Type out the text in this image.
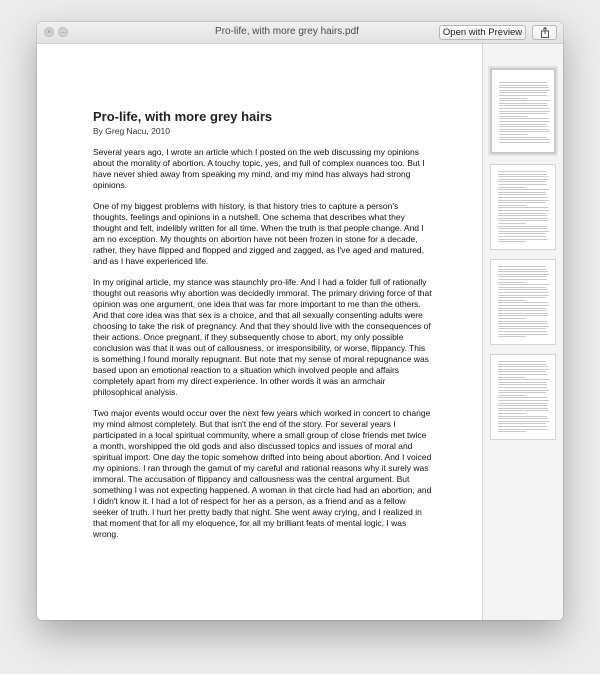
×	–	Pro-life, with more grey hairs.pdf	Open with Preview
Pro-life, with more grey hairs
By Greg Nacu, 2010

Several years ago, I wrote an article which I posted on the web discussing my opinions about the morality of abortion. A touchy topic, yes, and full of complex nuances too. But I have never shied away from speaking my mind, and my mind has always had strong opinions.

One of my biggest problems with history, is that history tries to capture a person's thoughts, feelings and opinions in a nutshell. One schema that describes what they thought and felt, indelibly written for all time. When the truth is that people change. And I am no exception. My thoughts on abortion have not been frozen in stone for a decade, rather, they have flipped and flopped and zigged and zagged, as I've aged and matured, and as I have experienced life.

In my original article, my stance was staunchly pro-life. And I had a folder full of rationally thought out reasons why abortion was decidedly immoral. The primary driving force of that opinion was one argument, one idea that was far more important to me than the others. And that core idea was that sex is a choice, and that all sexually consenting adults were choosing to take the risk of pregnancy. And that they should live with the consequences of their actions. Once pregnant, if they subsequently chose to abort, my only possible conclusion was that it was out of callousness, or irresponsibility, or worse, flippancy. This is something I found morally repugnant. But note that my sense of moral repugnance was based upon an emotional reaction to a situation which involved people and affairs completely apart from my direct experience. In other words it was an armchair philosophical analysis.

Two major events would occur over the next few years which worked in concert to change my mind almost completely. But that isn't the end of the story. For several years I participated in a local spiritual community, where a small group of close friends met twice a month, worshipped the old gods and also discussed topics and issues of moral and spiritual import. One day the topic somehow drifted into being about abortion. And I voiced my opinions. I ran through the gamut of my careful and rational reasons why it surely was immoral. The accusation of flippancy and callousness was the central argument. But something I was not expecting happened. A woman in that circle had had an abortion, and I didn't know it. I had a lot of respect for her as a person, as a friend and as a fellow seeker of truth. I hurt her pretty badly that night. She went away crying, and I realized in that moment that for all my eloquence, for all my brilliant feats of mental logic, I was wrong.
